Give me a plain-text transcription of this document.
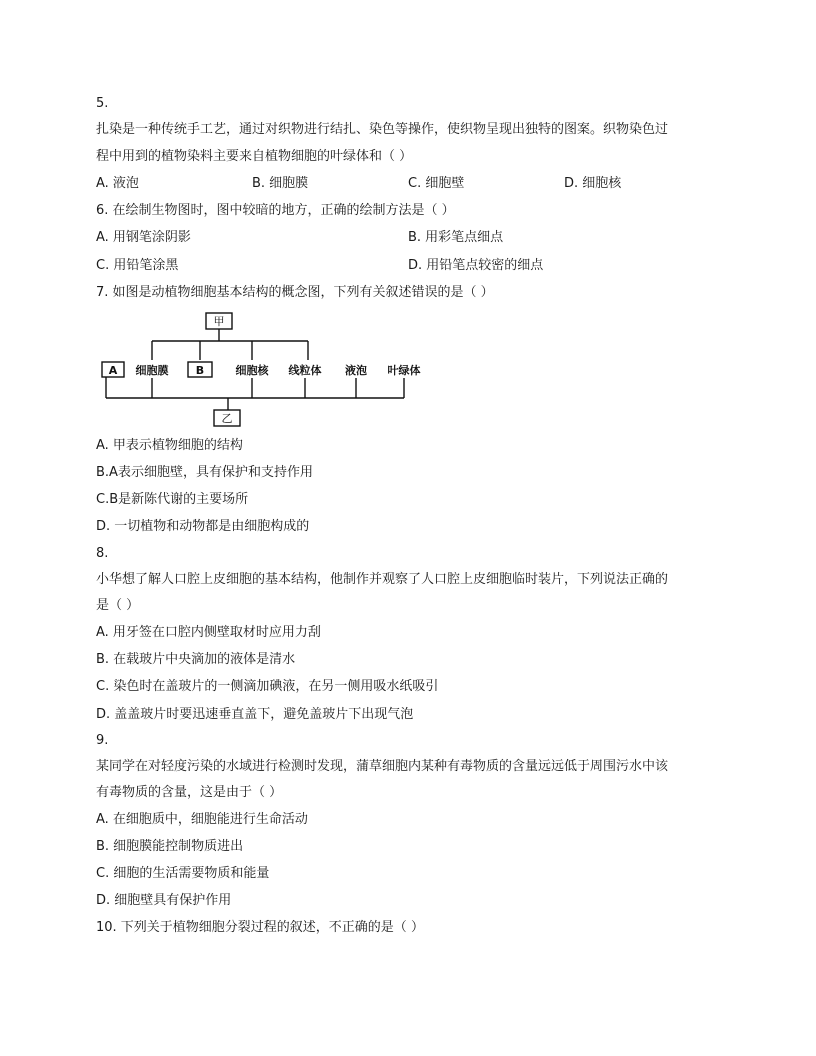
5.
扎染是一种传统手工艺，通过对织物进行结扎、染色等操作，使织物呈现出独特的图案。织物染色过
程中用到的植物染料主要来自植物细胞的叶绿体和（ ）
A. 液泡	B. 细胞膜	C. 细胞壁	D. 细胞核
6. 在绘制生物图时，图中较暗的地方，正确的绘制方法是（ ）
A. 用钢笔涂阴影	B. 用彩笔点细点
C. 用铅笔涂黑	D. 用铅笔点较密的细点
7. 如图是动植物细胞基本结构的概念图，下列有关叙述错误的是（ ）
甲
A 细胞膜 B	细胞核 线粒体 液泡 叶绿体
乙
A. 甲表示植物细胞的结构
B.A表示细胞壁，具有保护和支持作用
C.B是新陈代谢的主要场所
D. 一切植物和动物都是由细胞构成的
8.
小华想了解人口腔上皮细胞的基本结构，他制作并观察了人口腔上皮细胞临时装片，下列说法正确的
是（ ）
A. 用牙签在口腔内侧壁取材时应用力刮
B. 在载玻片中央滴加的液体是清水
C. 染色时在盖玻片的一侧滴加碘液，在另一侧用吸水纸吸引
D. 盖盖玻片时要迅速垂直盖下，避免盖玻片下出现气泡
9.
某同学在对轻度污染的水域进行检测时发现，蒲草细胞内某种有毒物质的含量远远低于周围污水中该
有毒物质的含量，这是由于（ ）
A. 在细胞质中，细胞能进行生命活动
B. 细胞膜能控制物质进出
C. 细胞的生活需要物质和能量
D. 细胞壁具有保护作用
10. 下列关于植物细胞分裂过程的叙述，不正确的是（ ）
